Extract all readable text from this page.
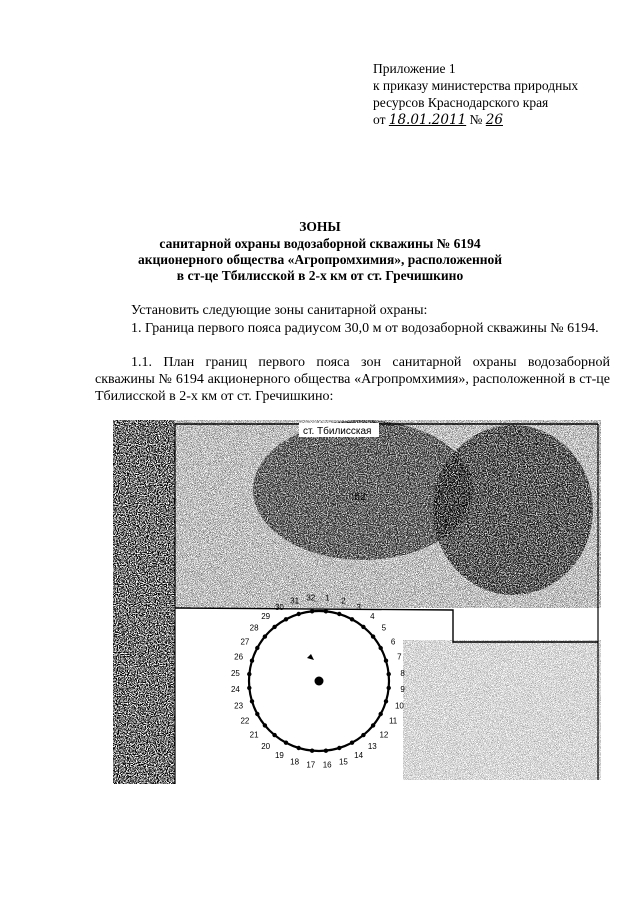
Приложение 1
к приказу министерства природных
ресурсов Краснодарского края
от 18.01.2011 № 26
ЗОНЫ
санитарной охраны водозаборной скважины № 6194
акционерного общества «Агропромхимия», расположенной
в ст-це Тбилисской в 2-х км от ст. Гречишкино
Установить следующие зоны санитарной охраны:
1. Граница первого пояса радиусом 30,0 м от водозаборной скважины № 6194.
1.1. План границ первого пояса зон санитарной охраны водозаборной скважины № 6194 акционерного общества «Агропромхимия», расположенной в ст-це Тбилисской в 2-х км от ст. Гречишкино:
ст. Тбилисская
:62
1 2
3
4
5
6
7
8
9
10
11
12
13
14
15
16
17
18
19
20
21
22
23
24
25
26
27
28
29
30
31 32
